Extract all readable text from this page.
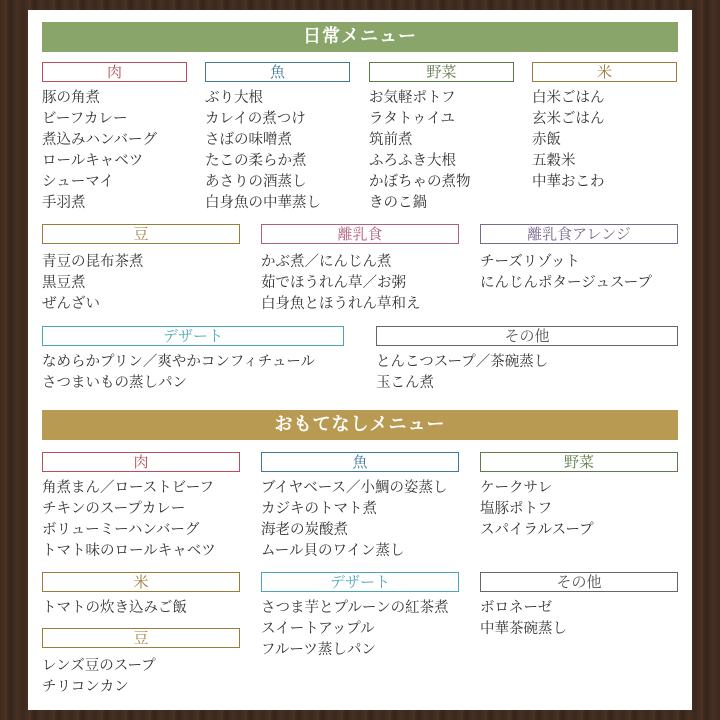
日常メニュー
肉
豚の角煮
ビーフカレー
煮込みハンバーグ
ロールキャベツ
シューマイ
手羽煮
魚
ぶり大根
カレイの煮つけ
さばの味噌煮
たこの柔らか煮
あさりの酒蒸し
白身魚の中華蒸し
野菜
お気軽ポトフ
ラタトゥイユ
筑前煮
ふろふき大根
かぼちゃの煮物
きのこ鍋
米
白米ごはん
玄米ごはん
赤飯
五穀米
中華おこわ
豆
青豆の昆布茶煮
黒豆煮
ぜんざい
離乳食
かぶ煮／にんじん煮
茹でほうれん草／お粥
白身魚とほうれん草和え
離乳食アレンジ
チーズリゾット
にんじんポタージュスープ
デザート
なめらかプリン／爽やかコンフィチュール
さつまいもの蒸しパン
その他
とんこつスープ／茶碗蒸し
玉こん煮
おもてなしメニュー
肉
角煮まん／ローストビーフ
チキンのスープカレー
ボリューミーハンバーグ
トマト味のロールキャベツ
魚
ブイヤベース／小鯛の姿蒸し
カジキのトマト煮
海老の炭酸煮
ムール貝のワイン蒸し
野菜
ケークサレ
塩豚ポトフ
スパイラルスープ
米
トマトの炊き込みご飯
デザート
さつま芋とプルーンの紅茶煮
スイートアップル
フルーツ蒸しパン
その他
ボロネーゼ
中華茶碗蒸し
豆
レンズ豆のスープ
チリコンカン
